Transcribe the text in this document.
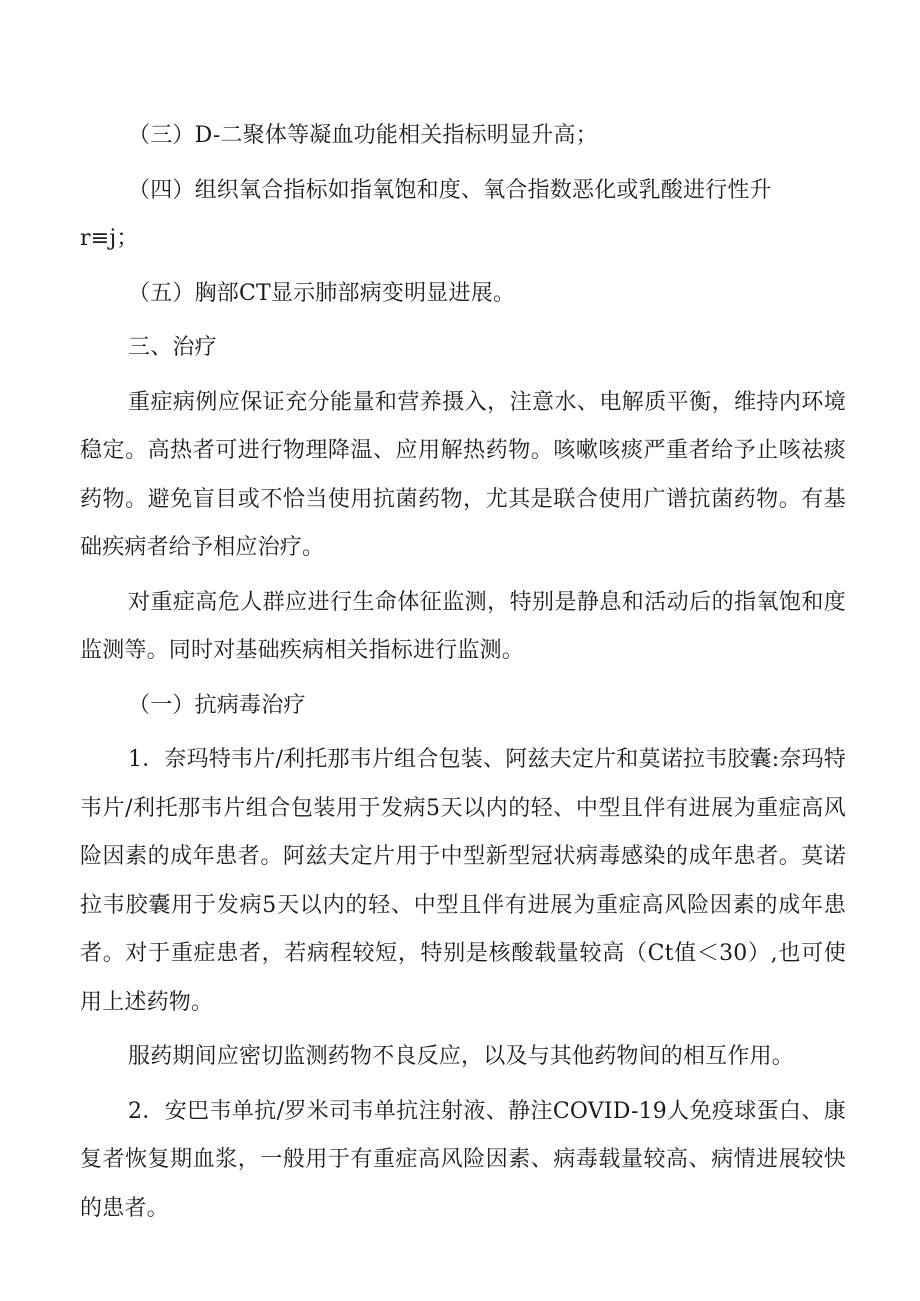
（三）D-二聚体等凝血功能相关指标明显升高；

（四）组织氧合指标如指氧饱和度、氧合指数恶化或乳酸进行性升

r≡j；

（五）胸部CT显示肺部病变明显进展。

三、治疗

重症病例应保证充分能量和营养摄入，注意水、电解质平衡，维持内环境稳定。高热者可进行物理降温、应用解热药物。咳嗽咳痰严重者给予止咳祛痰药物。避免盲目或不恰当使用抗菌药物，尤其是联合使用广谱抗菌药物。有基础疾病者给予相应治疗。

对重症高危人群应进行生命体征监测，特别是静息和活动后的指氧饱和度监测等。同时对基础疾病相关指标进行监测。

（一）抗病毒治疗

1．奈玛特韦片/利托那韦片组合包装、阿兹夫定片和莫诺拉韦胶囊:奈玛特韦片/利托那韦片组合包装用于发病5天以内的轻、中型且伴有进展为重症高风险因素的成年患者。阿兹夫定片用于中型新型冠状病毒感染的成年患者。莫诺拉韦胶囊用于发病5天以内的轻、中型且伴有进展为重症高风险因素的成年患者。对于重症患者，若病程较短，特别是核酸载量较高（Ct值＜30）,也可使用上述药物。

服药期间应密切监测药物不良反应，以及与其他药物间的相互作用。

2．安巴韦单抗/罗米司韦单抗注射液、静注COVID-19人免疫球蛋白、康复者恢复期血浆，一般用于有重症高风险因素、病毒载量较高、病情进展较快的患者。
